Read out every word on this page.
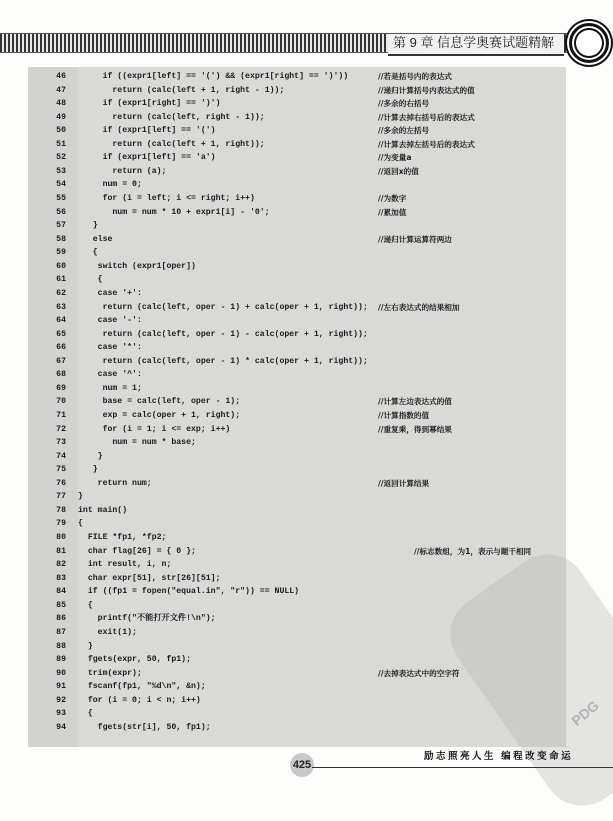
第 9 章 信息学奥赛试题精解
PDG
46 if ((expr1[left] == '(') && (expr1[right] == ')'))	//若是括号内的表达式
47 return (calc(left + 1, right - 1));	//递归计算括号内表达式的值
48 if (expr1[right] == ')')	//多余的右括号
49 return (calc(left, right - 1));	//计算去掉右括号后的表达式
50 if (expr1[left] == '(')	//多余的左括号
51 return (calc(left + 1, right));	//计算去掉左括号后的表达式
52 if (expr1[left] == 'a')	//为变量a
53 return (a);	//返回x的值
54 num = 0;
55 for (i = left; i <= right; i++)	//为数字
56 num = num * 10 + expr1[i] - '0';	//累加值
57 }
58 else	//递归计算运算符两边
59 {
60 switch (expr1[oper])
61 {
62 case '+':
63 return (calc(left, oper - 1) + calc(oper + 1, right)); //左右表达式的结果相加
64 case '-':
65 return (calc(left, oper - 1) - calc(oper + 1, right));
66 case '*':
67 return (calc(left, oper - 1) * calc(oper + 1, right));
68 case '^':
69 num = 1;
70 base = calc(left, oper - 1);	//计算左边表达式的值
71 exp = calc(oper + 1, right);	//计算指数的值
72 for (i = 1; i <= exp; i++)	//重复乘，得到幂结果
73 num = num * base;
74 }
75 }
76 return num;	//返回计算结果
77 }
78 int main()
79 {
80 FILE *fp1, *fp2;
81 char flag[26] = { 0 };	//标志数组，为1，表示与题干相同
82 int result, i, n;
83 char expr[51], str[26][51];
84 if ((fp1 = fopen("equal.in", "r")) == NULL)
85 {
86 printf("不能打开文件!\n");
87 exit(1);
88 }
89 fgets(expr, 50, fp1);
90 trim(expr);	//去掉表达式中的空字符
91 fscanf(fp1, "%d\n", &n);
92 for (i = 0; i < n; i++)
93 {
94 fgets(str[i], 50, fp1);
425
励志照亮人生 编程改变命运
